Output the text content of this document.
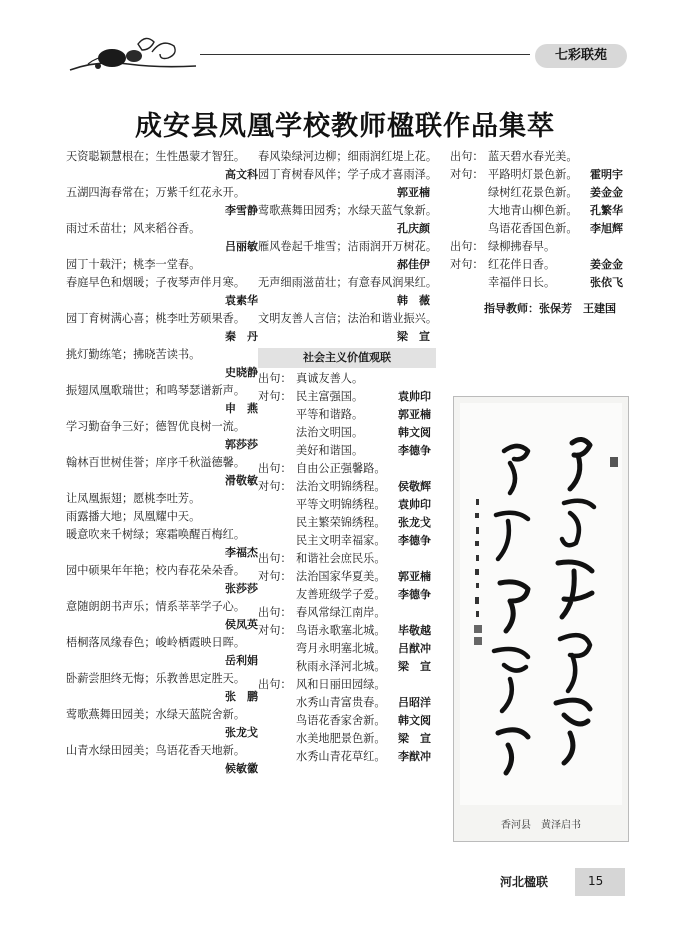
七彩联苑
成安县凤凰学校教师楹联作品集萃
天资聪颖慧根在；生性愚蒙才智狂。
高文科
五湖四海春常在；万紫千红花永开。
李雪静
雨过禾苗壮；风来稻谷香。
吕丽敏
园丁十载汗；桃李一堂春。
春庭早色和烟暖；子夜琴声伴月寒。
袁素华
园丁育树满心喜；桃李吐芳硕果香。
秦　丹
挑灯勤练笔；拂晓苦读书。
史晓静
振翅凤凰歌瑞世；和鸣琴瑟谱新声。
申　燕
学习勤奋争三好；德智优良树一流。
郭莎莎
翰林百世树佳誉；庠序千秋溢德馨。
滑敬敏
让凤凰振翅；愿桃李吐芳。
雨露播大地；凤凰耀中天。
暖意吹来千树绿；寒霜唤醒百梅红。
李福杰
园中硕果年年艳；校内春花朵朵香。
张莎莎
意随朗朗书声乐；情系莘莘学子心。
侯凤英
梧桐落凤缘春色；峻岭栖霞映日晖。
岳利娟
卧薪尝胆终无悔；乐教善思定胜天。
张　鹏
莺歌燕舞田园美；水绿天蓝院舍新。
张龙戈
山青水绿田园美；鸟语花香天地新。
候敏徽
春风染绿河边柳；细雨润红堤上花。
园丁育树春风伴；学子成才喜雨泽。
郭亚楠
莺歌燕舞田园秀；水绿天蓝气象新。
孔庆颜
雁风卷起千堆雪；洁雨润开万树花。
郝佳伊
无声细雨滋苗壮；有意春风润果红。
韩　薇
文明友善人言信；法治和谐业振兴。
梁　宣
社会主义价值观联
出句： 真诚友善人。
对句： 民主富强国。	袁帅印
平等和谐路。	郭亚楠
法治文明国。	韩文阅
美好和谐国。	李德争
出句： 自由公正强馨路。
对句： 法治文明锦绣程。	侯敬辉
平等文明锦绣程。	袁帅印
民主繁荣锦绣程。	张龙戈
民主文明幸福家。	李德争
出句： 和谐社会庶民乐。
对句： 法治国家华夏美。	郭亚楠
友善班级学子爱。	李德争
出句： 春风常绿江南岸。
对句： 鸟语永歌塞北城。	毕敬越
弯月永明塞北城。	吕猷冲
秋雨永泽河北城。	梁　宣
出句： 风和日丽田园绿。
水秀山青富贵春。	吕昭洋
鸟语花香家舍新。	韩文阅
水美地肥景色新。	梁　宣
水秀山青花草红。	李猷冲
出句： 蓝天碧水春光美。
对句： 平路明灯景色新。	霍明宇
绿树红花景色新。	姜金金
大地青山柳色新。	孔繁华
鸟语花香国色新。	李旭辉
出句： 绿柳拂春早。
对句： 红花伴日香。	姜金金
幸福伴日长。	张依飞
指导教师：张保芳　王建国
香河县　黄泽启书
河北楹联	15
